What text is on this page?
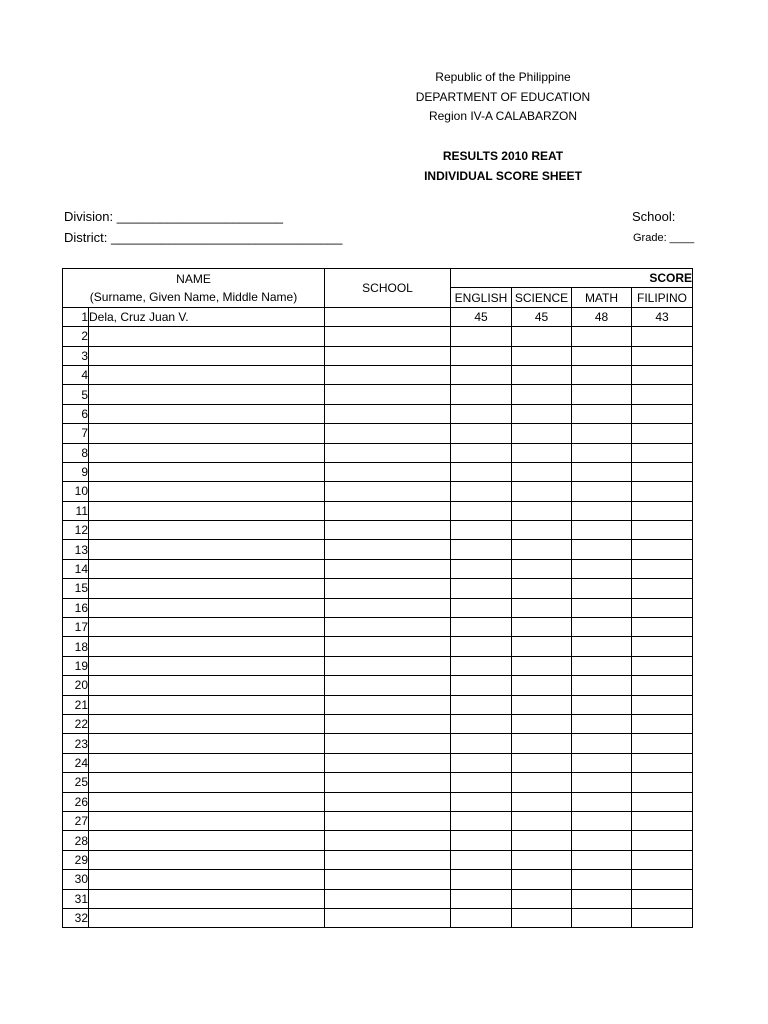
Republic of the Philippine
DEPARTMENT OF EDUCATION
Region IV-A CALABARZON
RESULTS 2010 REAT
INDIVIDUAL SCORE SHEET
Division: _______________________
District: ________________________________
School:
Grade: ____
NAME
(Surname, Given Name, Middle Name)		SCHOOL	SCORE			
			ENGLISH	SCIENCE	MATH	FILIPINO
1	Dela, Cruz Juan V.		45	45	48	43
2						
3						
4						
5						
6						
7						
8						
9						
10						
11						
12						
13						
14						
15						
16						
17						
18						
19						
20						
21						
22						
23						
24						
25						
26						
27						
28						
29						
30						
31						
32						
